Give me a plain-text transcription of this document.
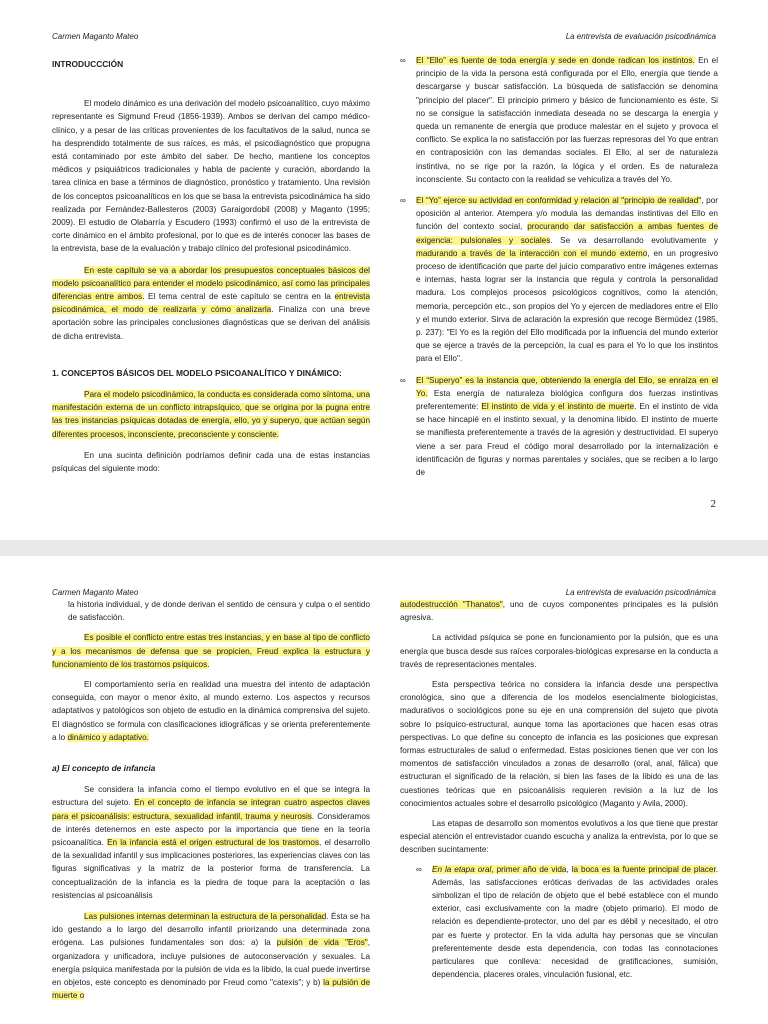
Carmen Maganto Mateo	La entrevista de evaluación psicodinámica

INTRODUCCCIÓN

El modelo dinámico es una derivación del modelo psicoanalítico, cuyo máximo representante es Sigmund Freud (1856-1939). Ambos se derivan del campo médico-clínico, y a pesar de las críticas provenientes de los facultativos de la salud, nunca se ha desprendido totalmente de sus raíces, es más, el psicodiagnóstico que propugna está contaminado por este ámbito del saber. De hecho, mantiene los conceptos médicos y psiquiátricos tradicionales y habla de paciente y curación, abordando la tarea clínica en base a términos de diagnóstico, pronóstico y tratamiento. Una revisión de los conceptos psicoanalíticos en los que se basa la entrevista psicodinámica ha sido realizada por Fernández-Ballesteros (2003) Garaigordobil (2008) y Maganto (1995; 2009). El estudio de Olabarría y Escudero (1993) confirmó el uso de la entrevista de corte dinámico en el ámbito profesional, por lo que es de interés conocer las bases de la entrevista, base de la evaluación y trabajo clínico del profesional psicodinámico.

En este capítulo se va a abordar los presupuestos conceptuales básicos del modelo psicoanalítico para entender el modelo psicodinámico, así como las principales diferencias entre ambos. El tema central de este capítulo se centra en la entrevista psicodinámica, el modo de realizarla y cómo analizarla. Finaliza con una breve aportación sobre las principales conclusiones diagnósticas que se derivan del análisis de dicha entrevista.

1. CONCEPTOS BÁSICOS DEL MODELO PSICOANALÍTICO Y DINÁMICO:

Para el modelo psicodinámico, la conducta es considerada como síntoma, una manifestación externa de un conflicto intrapsíquico, que se origina por la pugna entre las tres instancias psíquicas dotadas de energía, ello, yo y superyo, que actúan según diferentes procesos, inconsciente, preconsciente y consciente.

En una sucinta definición podríamos definir cada una de estas instancias psíquicas del siguiente modo:

∞ El “Ello” es fuente de toda energía y sede en donde radican los instintos. En el principio de la vida la persona está configurada por el Ello, energía que tiende a descargarse y buscar satisfacción. La búsqueda de satisfacción se denomina "principio del placer". El principio primero y básico de funcionamiento es éste. Si no se consigue la satisfacción inmediata deseada no se descarga la energía y queda un remanente de energía que produce malestar en el sujeto y provoca el conflicto. Se explica la no satisfacción por las fuerzas represoras del Yo que entran en contraposición con las demandas sociales. El Ello, al ser de naturaleza instintiva, no se rige por la razón, la lógica y el orden. Es de naturaleza inconsciente. Su contacto con la realidad se vehiculiza a través del Yo.
∞ El “Yo” ejerce su actividad en conformidad y relación al "principio de realidad", por oposición al anterior. Atempera y/o modula las demandas instintivas del Ello en función del contexto social, procurando dar satisfacción a ambas fuentes de exigencia: pulsionales y sociales. Se va desarrollando evolutivamente y madurando a través de la interacción con el mundo externo, en un progresivo proceso de identificación que parte del juicio comparativo entre imágenes externas e internas, hasta lograr ser la instancia que regula y controla la personalidad madura. Los complejos procesos psicológicos cognitivos, como la atención, memoria, percepción etc., son propios del Yo y ejercen de mediadores entre el Ello y el mundo exterior. Sirva de aclaración la expresión que recoge Bermúdez (1985, p. 237): "El Yo es la región del Ello modificada por la influencia del mundo exterior que se ejerce a través de la percepción, la cual es para el Yo lo que los instintos para el Ello".
∞ El “Superyo” es la instancia que, obteniendo la energía del Ello, se enraíza en el Yo. Esta energía de naturaleza biológica configura dos fuerzas instintivas preferentemente: El instinto de vida y el instinto de muerte. En el instinto de vida se hace hincapié en el instinto sexual, y la denomina libido. El instinto de muerte se manifiesta preferentemente a través de la agresión y destructividad. El superyo viene a ser para Freud el código moral desarrollado por la internalización e identificación de figuras y normas parentales y sociales, que se reciben a lo largo de
2
Carmen Maganto Mateo	La entrevista de evaluación psicodinámica

la historia individual, y de donde derivan el sentido de censura y culpa o el sentido de satisfacción.

Es posible el conflicto entre estas tres instancias, y en base al tipo de conflicto y a los mecanismos de defensa que se propicien, Freud explica la estructura y funcionamiento de los trastornos psíquicos.

El comportamiento sería en realidad una muestra del intento de adaptación conseguida, con mayor o menor éxito, al mundo externo. Los aspectos y recursos adaptativos y patológicos son objeto de estudio en la dinámica comprensiva del sujeto. El diagnóstico se formula con clasificaciones idiográficas y se orienta preferentemente a lo dinámico y adaptativo.

a) El concepto de infancia

Se considera la infancia como el tiempo evolutivo en el que se integra la estructura del sujeto. En el concepto de infancia se integran cuatro aspectos claves para el psicoanálisis: estructura, sexualidad infantil, trauma y neurosis. Consideramos de interés detenernos en este aspecto por la importancia que tiene en la teoría psicoanalítica. En la infancia está el origen estructural de los trastornos, el desarrollo de la sexualidad infantil y sus implicaciones posteriores, las experiencias claves con las figuras significativas y la matriz de la posterior forma de transferencia. La conceptualización de la infancia es la piedra de toque para la aceptación o las resistencias al psicoanálisis

Las pulsiones internas determinan la estructura de la personalidad. Ésta se ha ido gestando a lo largo del desarrollo infantil priorizando una determinada zona erógena. Las pulsiones fundamentales son dos: a) la pulsión de vida "Eros", organizadora y unificadora, incluye pulsiones de autoconservación y sexuales. La energía psíquica manifestada por la pulsión de vida es la libido, la cual puede invertirse en objetos, este concepto es denominado por Freud como "catexis"; y b) la pulsión de muerte o

autodestrucción "Thanatos", uno de cuyos componentes principales es la pulsión agresiva.

La actividad psíquica se pone en funcionamiento por la pulsión, que es una energía que busca desde sus raíces corporales-biológicas expresarse en la conducta a través de representaciones mentales.

Esta perspectiva teórica no considera la infancia desde una perspectiva cronológica, sino que a diferencia de los modelos esencialmente biologicistas, madurativos o sociológicos pone su eje en una comprensión del sujeto que pivota sobre lo psíquico-estructural, aunque toma las aportaciones que hacen esas otras perspectivas. Lo que define su concepto de infancia es las posiciones que expresan formas estructurales de salud o enfermedad. Estas posiciones tienen que ver con los momentos de satisfacción vinculados a zonas de desarrollo (oral, anal, fálica) que estructuran el significado de la relación, si bien las fases de la libido es una de las cuestiones teóricas que en psicoanálisis requieren revisión a la luz de los conocimientos actuales sobre el desarrollo psicológico (Maganto y Avila, 2000).

Las etapas de desarrollo son momentos evolutivos a los que tiene que prestar especial atención el entrevistador cuando escucha y analiza la entrevista, por lo que se describen sucintamente:

∞ En la etapa oral, primer año de vida, la boca es la fuente principal de placer. Además, las satisfacciones eróticas derivadas de las actividades orales simbolizan el tipo de relación de objeto que el bebé establece con el mundo exterior, casi exclusivamente con la madre (objeto primario). El modo de relación es dependiente-protector, uno del par es débil y necesitado, el otro par es fuerte y protector. En la vida adulta hay personas que se vinculan preferentemente desde esta dependencia, con todas las connotaciones particulares que conlleva: necesidad de gratificaciones, sumisión, dependencia, placeres orales, vinculación fusional, etc.
